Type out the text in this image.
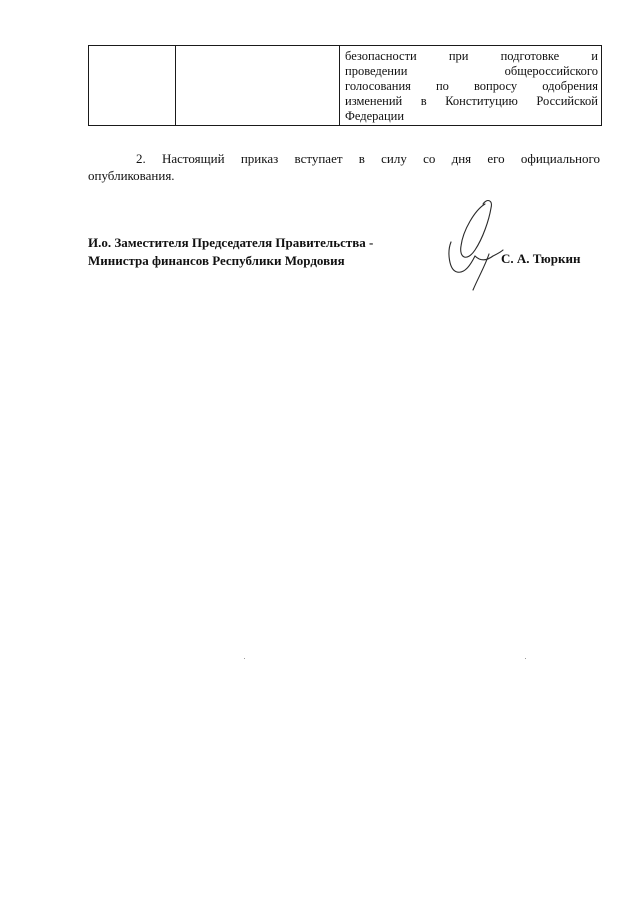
безопасности при подготовке и
проведении общероссийского
голосования по вопросу одобрения
изменений в Конституцию Российской
Федерации

2. Настоящий приказ вступает в силу со дня его официального
опубликования.

И.о. Заместителя Председателя Правительства -
Министра финансов Республики Мордовия	С. А. Тюркин
